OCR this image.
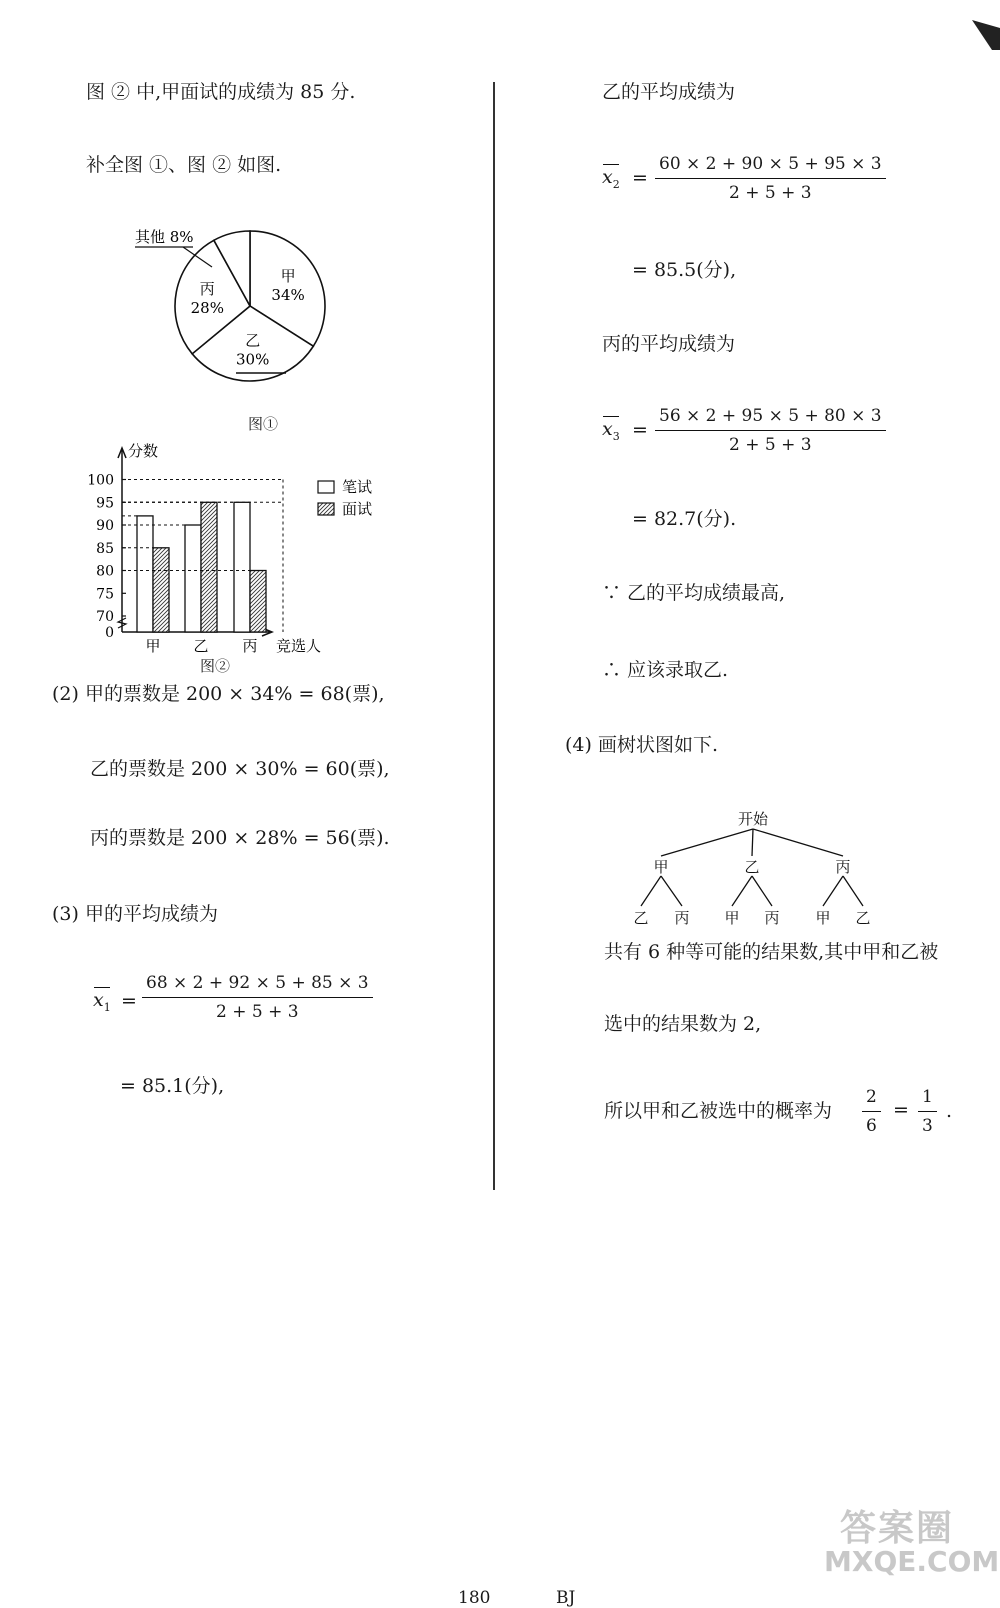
图 ② 中,甲面试的成绩为 85 分.
补全图 ①、图 ② 如图.
甲
34%
乙
30%
丙
28%
其他 8%
图①
0
70
75
80
85
90
95
100
甲 乙 丙
分数
竞选人
笔试
面试
图②
(2) 甲的票数是 200 × 34% = 68(票),
乙的票数是 200 × 30% = 60(票),
丙的票数是 200 × 28% = 56(票).
(3) 甲的平均成绩为
$x_1$ =
68 × 2 + 92 × 5 + 85 × 3
2 + 5 + 3
= 85.1(分),
乙的平均成绩为
$x_2$ =
60 × 2 + 90 × 5 + 95 × 3
2 + 5 + 3
= 85.5(分),
丙的平均成绩为
$x_3$ =
56 × 2 + 95 × 5 + 80 × 3
2 + 5 + 3
= 82.7(分).
∵ 乙的平均成绩最高,
∴ 应该录取乙.
(4) 画树状图如下.
开始
甲	乙	丙
乙 丙 甲 丙 甲 乙
共有 6 种等可能的结果数,其中甲和乙被
选中的结果数为 2,
所以甲和乙被选中的概率为
2
6
=
1
3
.
答案圈
MXQE.COM
180	BJ
